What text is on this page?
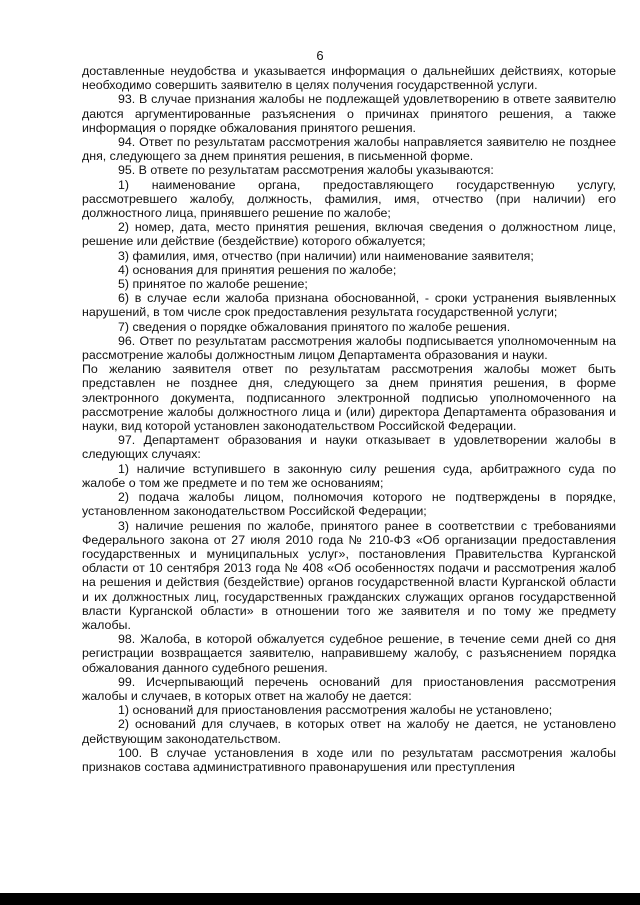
6

доставленные неудобства и указывается информация о дальнейших действиях, которые необходимо совершить заявителю в целях получения государственной услуги.

93. В случае признания жалобы не подлежащей удовлетворению в ответе заявителю даются аргументированные разъяснения о причинах принятого решения, а также информация о порядке обжалования принятого решения.

94. Ответ по результатам рассмотрения жалобы направляется заявителю не позднее дня, следующего за днем принятия решения, в письменной форме.

95. В ответе по результатам рассмотрения жалобы указываются:

1) наименование органа, предоставляющего государственную услугу, рассмотревшего жалобу, должность, фамилия, имя, отчество (при наличии) его должностного лица, принявшего решение по жалобе;

2) номер, дата, место принятия решения, включая сведения о должностном лице, решение или действие (бездействие) которого обжалуется;

3) фамилия, имя, отчество (при наличии) или наименование заявителя;

4) основания для принятия решения по жалобе;

5) принятое по жалобе решение;

6) в случае если жалоба признана обоснованной, - сроки устранения выявленных нарушений, в том числе срок предоставления результата государственной услуги;

7) сведения о порядке обжалования принятого по жалобе решения.

96. Ответ по результатам рассмотрения жалобы подписывается уполномоченным на рассмотрение жалобы должностным лицом Департамента образования и науки.

По желанию заявителя ответ по результатам рассмотрения жалобы может быть представлен не позднее дня, следующего за днем принятия решения, в форме электронного документа, подписанного электронной подписью уполномоченного на рассмотрение жалобы должностного лица и (или) директора Департамента образования и науки, вид которой установлен законодательством Российской Федерации.

97. Департамент образования и науки отказывает в удовлетворении жалобы в следующих случаях:

1) наличие вступившего в законную силу решения суда, арбитражного суда по жалобе о том же предмете и по тем же основаниям;

2) подача жалобы лицом, полномочия которого не подтверждены в порядке, установленном законодательством Российской Федерации;

3) наличие решения по жалобе, принятого ранее в соответствии с требованиями Федерального закона от 27 июля 2010 года № 210-ФЗ «Об организации предоставления государственных и муниципальных услуг», постановления Правительства Курганской области от 10 сентября 2013 года № 408 «Об особенностях подачи и рассмотрения жалоб на решения и действия (бездействие) органов государственной власти Курганской области и их должностных лиц, государственных гражданских служащих органов государственной власти Курганской области» в отношении того же заявителя и по тому же предмету жалобы.

98. Жалоба, в которой обжалуется судебное решение, в течение семи дней со дня регистрации возвращается заявителю, направившему жалобу, с разъяснением порядка обжалования данного судебного решения.

99. Исчерпывающий перечень оснований для приостановления рассмотрения жалобы и случаев, в которых ответ на жалобу не дается:

1) оснований для приостановления рассмотрения жалобы не установлено;

2) оснований для случаев, в которых ответ на жалобу не дается, не установлено действующим законодательством.

100. В случае установления в ходе или по результатам рассмотрения жалобы признаков состава административного правонарушения или преступления
